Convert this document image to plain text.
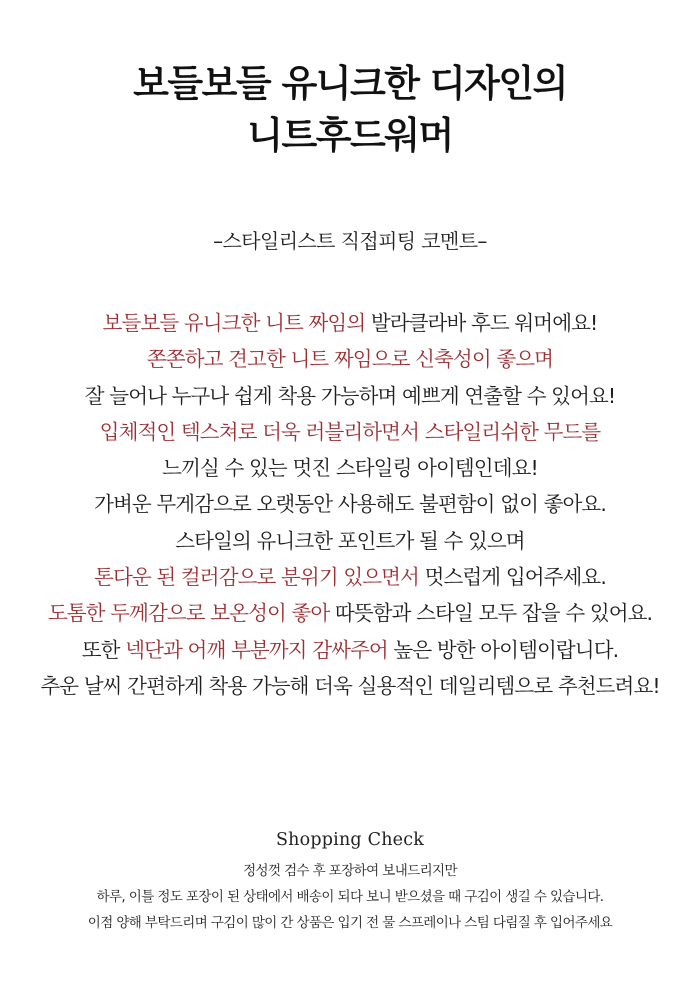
보들보들 유니크한 디자인의
니트후드워머
–스타일리스트 직접피팅 코멘트–
보들보들 유니크한 니트 짜임의 발라클라바 후드 워머에요!
쫀쫀하고 견고한 니트 짜임으로 신축성이 좋으며
잘 늘어나 누구나 쉽게 착용 가능하며 예쁘게 연출할 수 있어요!
입체적인 텍스쳐로 더욱 러블리하면서 스타일리쉬한 무드를
느끼실 수 있는 멋진 스타일링 아이템인데요!
가벼운 무게감으로 오랫동안 사용해도 불편함이 없이 좋아요.
스타일의 유니크한 포인트가 될 수 있으며
톤다운 된 컬러감으로 분위기 있으면서 멋스럽게 입어주세요.
도톰한 두께감으로 보온성이 좋아 따뜻함과 스타일 모두 잡을 수 있어요.
또한 넥단과 어깨 부분까지 감싸주어 높은 방한 아이템이랍니다.
추운 날씨 간편하게 착용 가능해 더욱 실용적인 데일리템으로 추천드려요!
Shopping Check
정성껏 검수 후 포장하여 보내드리지만
하루, 이틀 정도 포장이 된 상태에서 배송이 되다 보니 받으셨을 때 구김이 생길 수 있습니다.
이점 양해 부탁드리며 구김이 많이 간 상품은 입기 전 물 스프레이나 스팀 다림질 후 입어주세요
